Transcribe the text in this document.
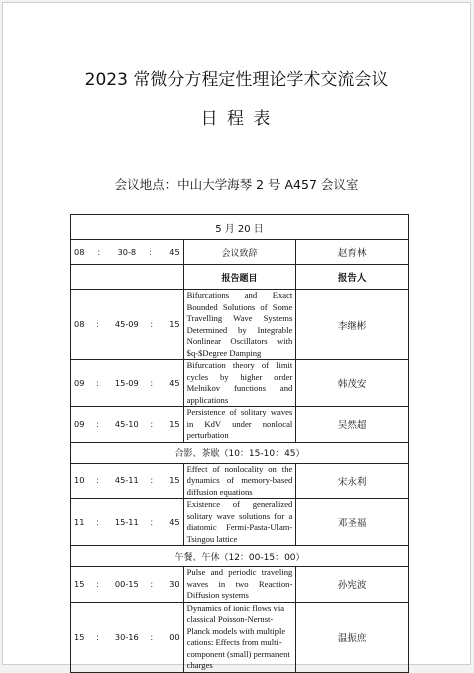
2023 常微分方程定性理论学术交流会议
日 程 表
会议地点：中山大学海琴 2 号 A457 会议室
5 月 20 日		
08：30-8：45	会议致辞	赵育林
	报告题目	报告人
08：45-09：15	Bifurcations and Exact Bounded Solutions of Some Travelling Wave Systems Determined by Integrable Nonlinear Oscillators with $q-$Degree Damping	李继彬
09：15-09：45	Bifurcation theory of limit cycles by higher order Melnikov functions and applications	韩茂安
09：45-10：15	Persistence of solitary waves in KdV under nonlocal perturbation	吴然超
合影、茶歇（10：15-10：45）		
10：45-11：15	Effect of nonlocality on the dynamics of memory-based diffusion equations	宋永利
11：15-11：45	Existence of generalized solitary wave solutions for a diatomic Fermi-Pasta-Ulam-Tsingou lattice	邓圣福
午餐、午休（12：00-15：00）		
15：00-15：30	Pulse and periodic traveling waves in two Reaction-Diffusion systems	孙宪波
15：30-16：00	Dynamics of ionic flows via classical Poisson-Nernst-Planck models with multiple cations: Effects from multi-component (small) permanent charges	温振庶
